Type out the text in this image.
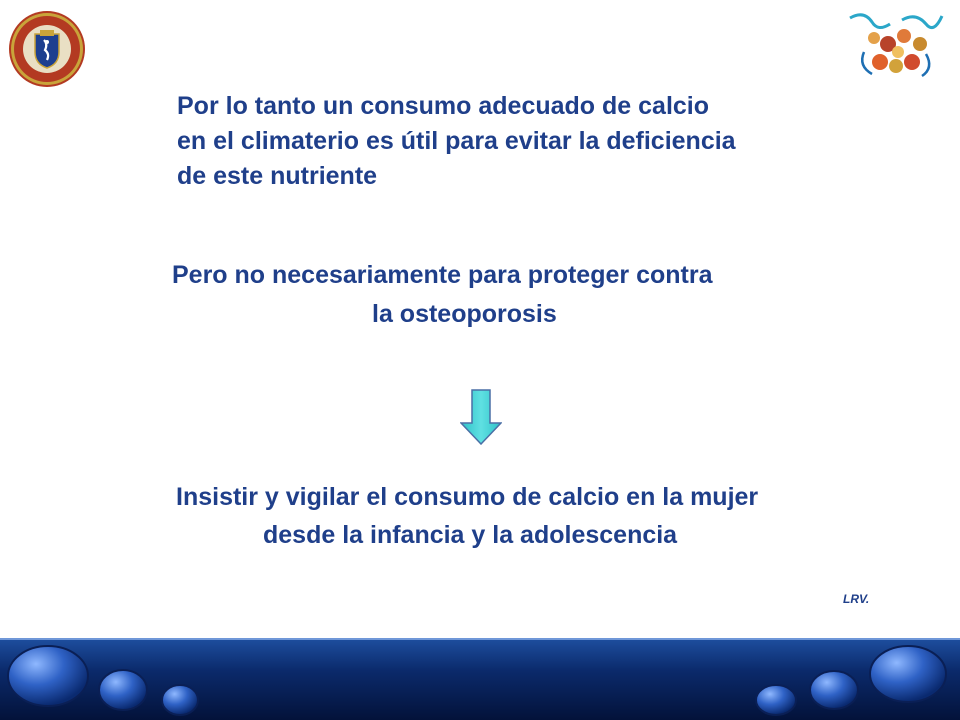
Por lo tanto un consumo adecuado de calcio
en el climaterio es útil para evitar la deficiencia
de este nutriente
Pero no necesariamente para proteger contra
la osteoporosis
Insistir y vigilar el consumo de calcio en la mujer
desde la infancia y la adolescencia
LRV.
